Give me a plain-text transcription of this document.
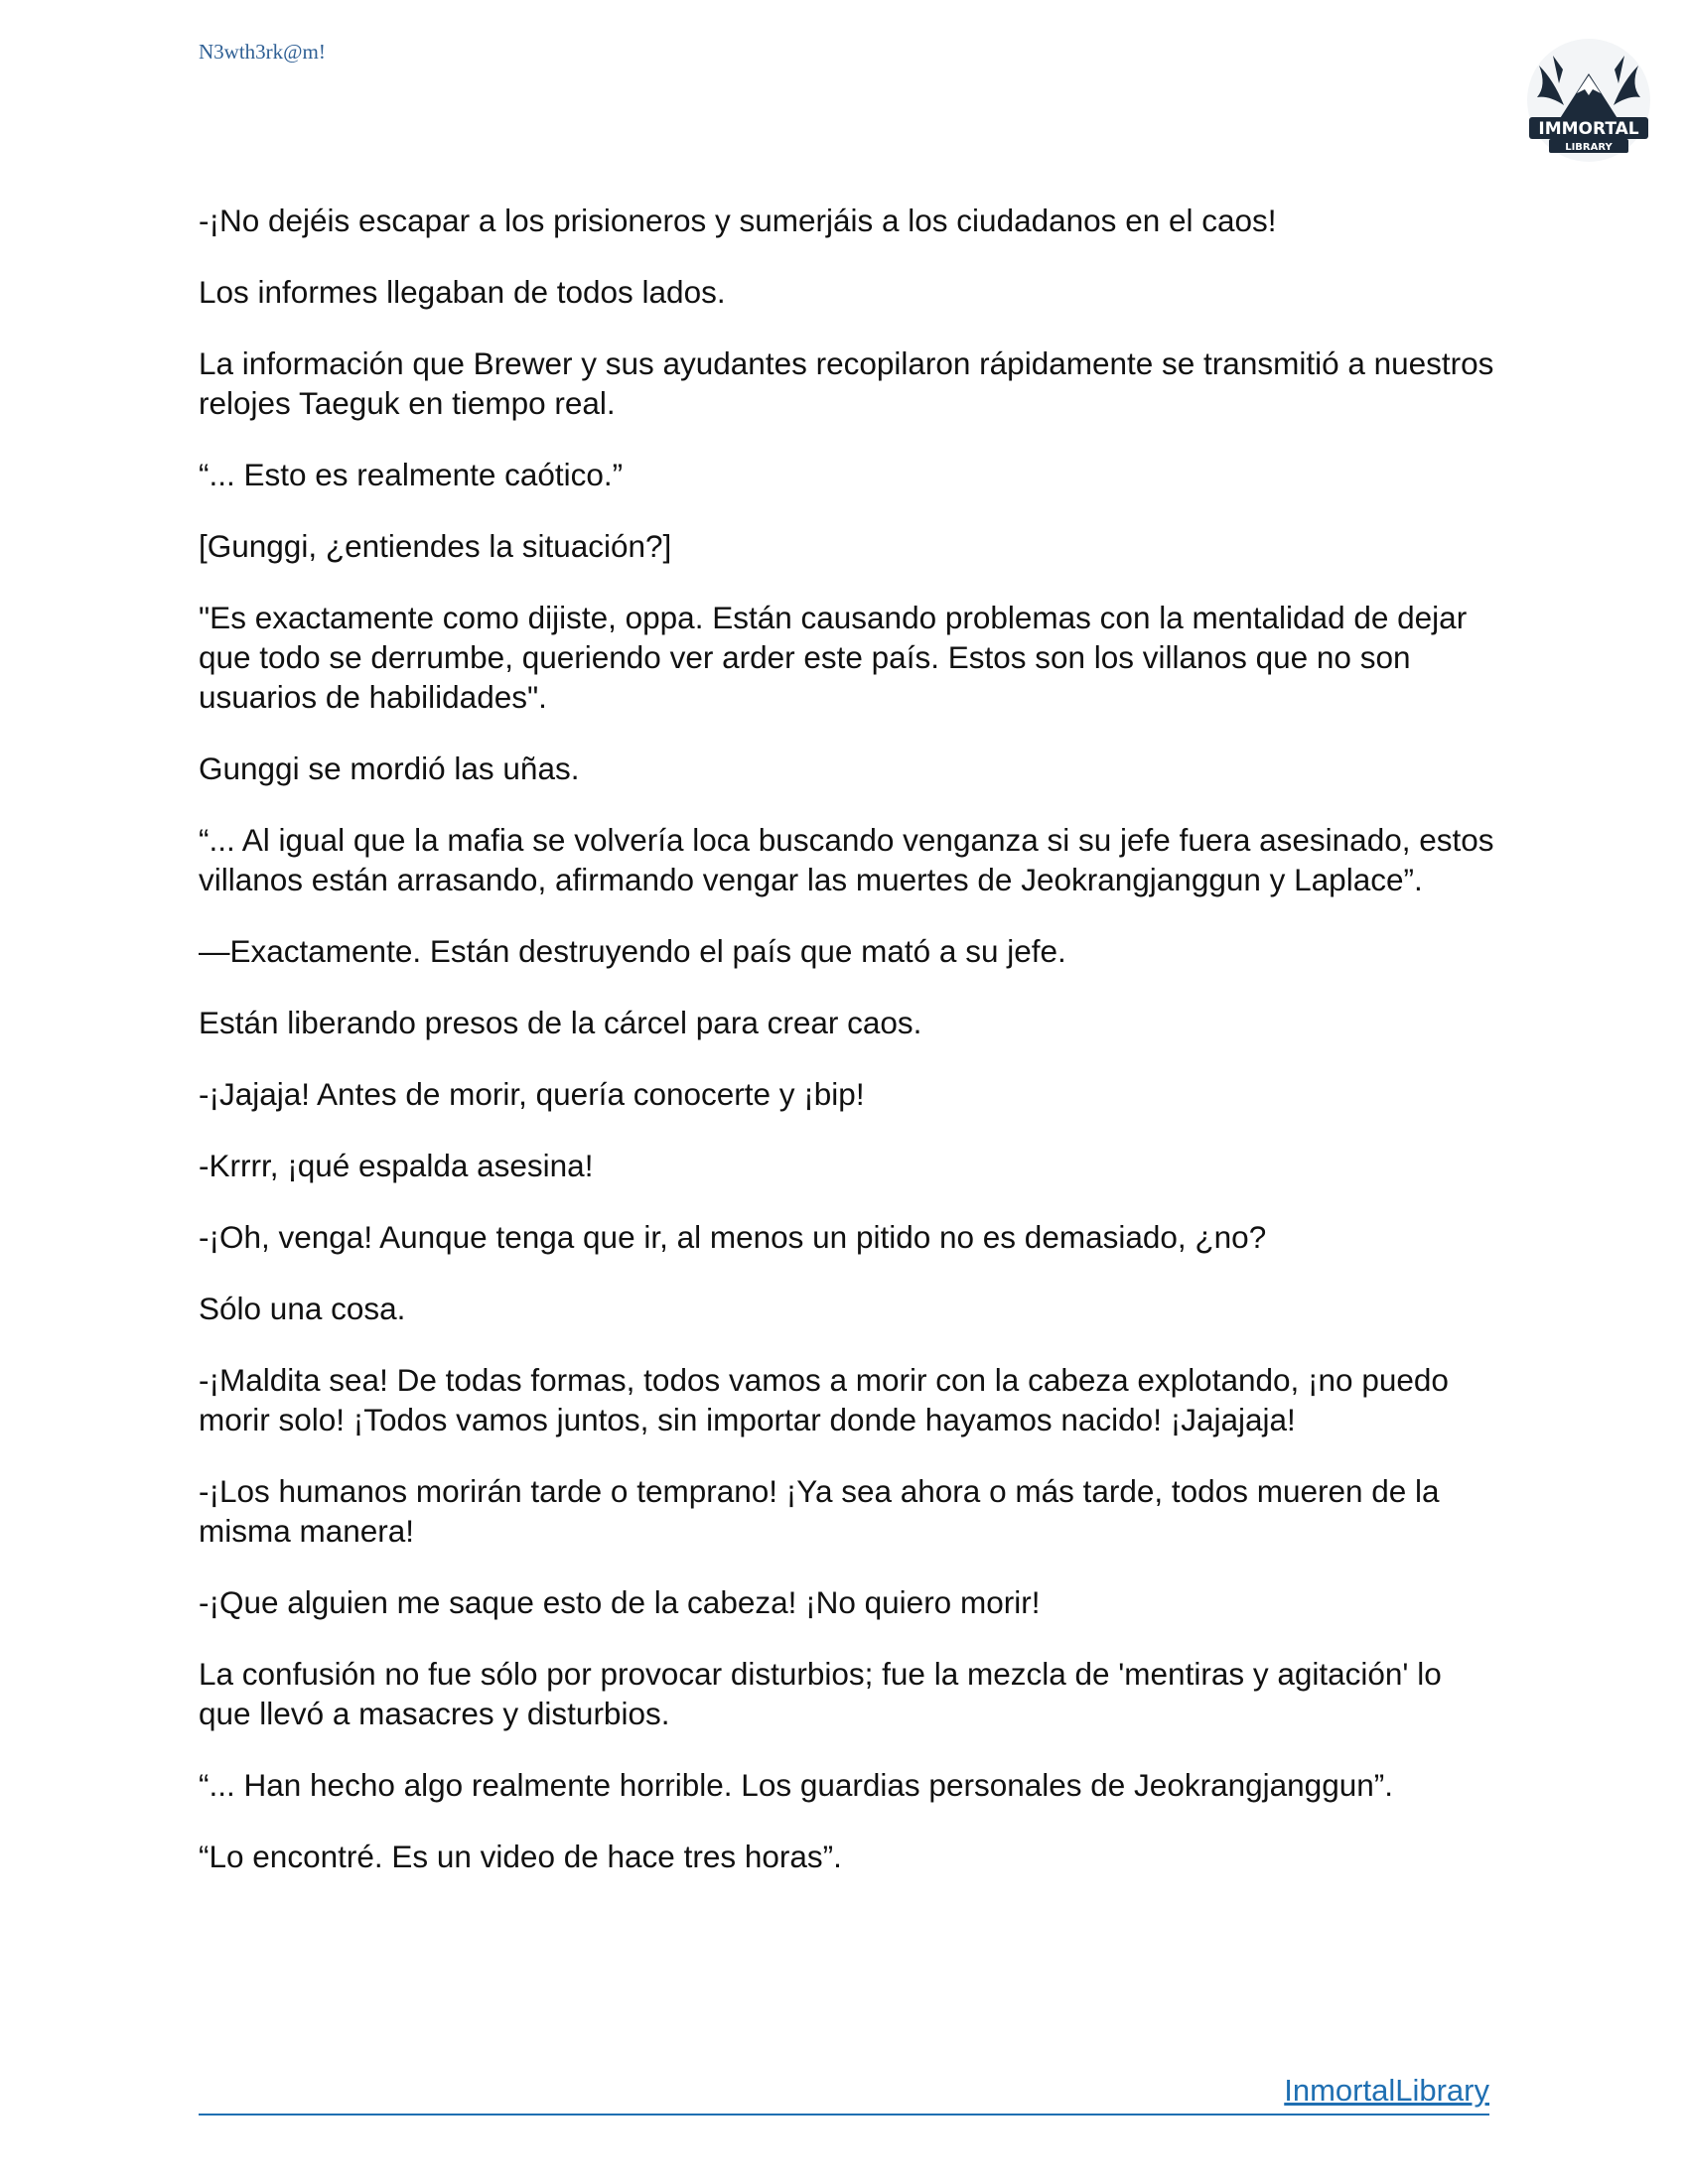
N3wth3rk@m!
IMMORTAL
LIBRARY

-¡No dejéis escapar a los prisioneros y sumerjáis a los ciudadanos en el caos!

Los informes llegaban de todos lados.

La información que Brewer y sus ayudantes recopilaron rápidamente se transmitió a nuestros relojes Taeguk en tiempo real.

“... Esto es realmente caótico.”

[Gunggi, ¿entiendes la situación?]

"Es exactamente como dijiste, oppa. Están causando problemas con la mentalidad de dejar que todo se derrumbe, queriendo ver arder este país. Estos son los villanos que no son usuarios de habilidades".

Gunggi se mordió las uñas.

“... Al igual que la mafia se volvería loca buscando venganza si su jefe fuera asesinado, estos villanos están arrasando, afirmando vengar las muertes de Jeokrangjanggun y Laplace”.

—Exactamente. Están destruyendo el país que mató a su jefe.

Están liberando presos de la cárcel para crear caos.

-¡Jajaja! Antes de morir, quería conocerte y ¡bip!

-Krrrr, ¡qué espalda asesina!

-¡Oh, venga! Aunque tenga que ir, al menos un pitido no es demasiado, ¿no?

Sólo una cosa.

-¡Maldita sea! De todas formas, todos vamos a morir con la cabeza explotando, ¡no puedo morir solo! ¡Todos vamos juntos, sin importar donde hayamos nacido! ¡Jajajaja!

-¡Los humanos morirán tarde o temprano! ¡Ya sea ahora o más tarde, todos mueren de la misma manera!

-¡Que alguien me saque esto de la cabeza! ¡No quiero morir!

La confusión no fue sólo por provocar disturbios; fue la mezcla de 'mentiras y agitación' lo que llevó a masacres y disturbios.

“... Han hecho algo realmente horrible. Los guardias personales de Jeokrangjanggun”.

“Lo encontré. Es un video de hace tres horas”.

InmortalLibrary
